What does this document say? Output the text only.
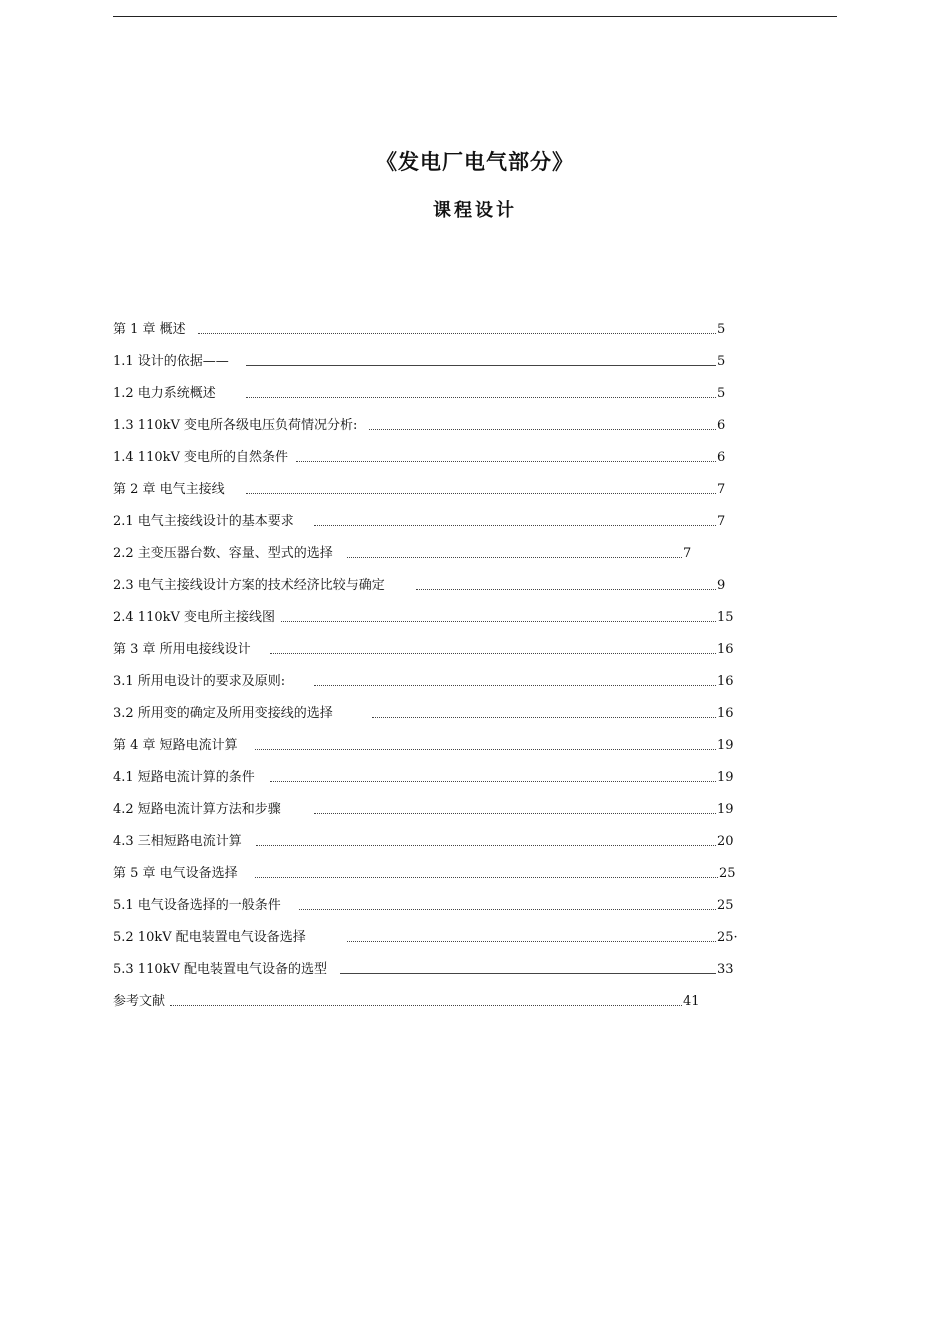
《发电厂电气部分》
课程设计
第 1 章 概述	5
1.1 设计的依据——	5
1.2 电力系统概述	5
1.3 110kV 变电所各级电压负荷情况分析:	6
1.4 110kV 变电所的自然条件	6
第 2 章 电气主接线	7
2.1 电气主接线设计的基本要求	7
2.2 主变压器台数、容量、型式的选择	7
2.3 电气主接线设计方案的技术经济比较与确定	9
2.4 110kV 变电所主接线图	15
第 3 章 所用电接线设计	16
3.1 所用电设计的要求及原则:	16
3.2 所用变的确定及所用变接线的选择	16
第 4 章 短路电流计算	19
4.1 短路电流计算的条件	19
4.2 短路电流计算方法和步骤	19
4.3 三相短路电流计算	20
第 5 章 电气设备选择	25
5.1 电气设备选择的一般条件	25
5.2 10kV 配电装置电气设备选择	25·
5.3 110kV 配电装置电气设备的选型	33
参考文献	41
